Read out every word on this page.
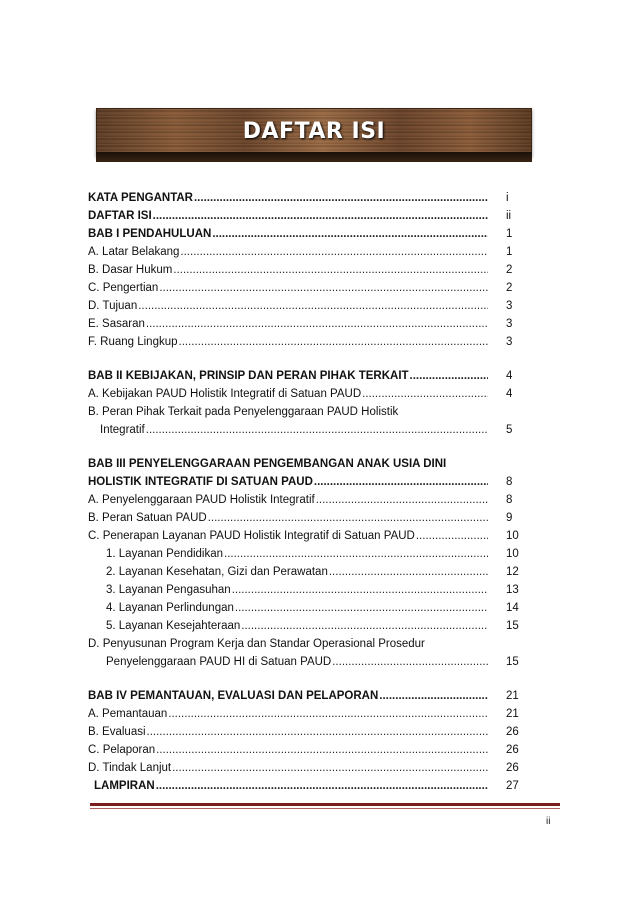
DAFTAR ISI
KATA PENGANTAR .....	i
DAFTAR ISI .....	ii
BAB I PENDAHULUAN .....	1
A. Latar Belakang .....	1
B. Dasar Hukum .....	2
C. Pengertian .....	2
D. Tujuan .....	3
E. Sasaran .....	3
F. Ruang Lingkup .....	3
BAB II KEBIJAKAN, PRINSIP DAN PERAN PIHAK TERKAIT .....	4
A. Kebijakan PAUD Holistik Integratif di Satuan PAUD .....	4
B. Peran Pihak Terkait pada Penyelenggaraan PAUD Holistik
Integratif .....	5
BAB III PENYELENGGARAAN PENGEMBANGAN ANAK USIA DINI
HOLISTIK INTEGRATIF DI SATUAN PAUD .....	8
A. Penyelenggaraan PAUD Holistik Integratif .....	8
B. Peran Satuan PAUD .....	9
C. Penerapan Layanan PAUD Holistik Integratif di Satuan PAUD .....	10
1. Layanan Pendidikan .....	10
2. Layanan Kesehatan, Gizi dan Perawatan .....	12
3. Layanan Pengasuhan .....	13
4. Layanan Perlindungan .....	14
5. Layanan Kesejahteraan .....	15
D. Penyusunan Program Kerja dan Standar Operasional Prosedur
Penyelenggaraan PAUD HI di Satuan PAUD .....	15
BAB IV PEMANTAUAN, EVALUASI DAN PELAPORAN .....	21
A. Pemantauan .....	21
B. Evaluasi .....	26
C. Pelaporan .....	26
D. Tindak Lanjut .....	26
LAMPIRAN .....	27
ii
